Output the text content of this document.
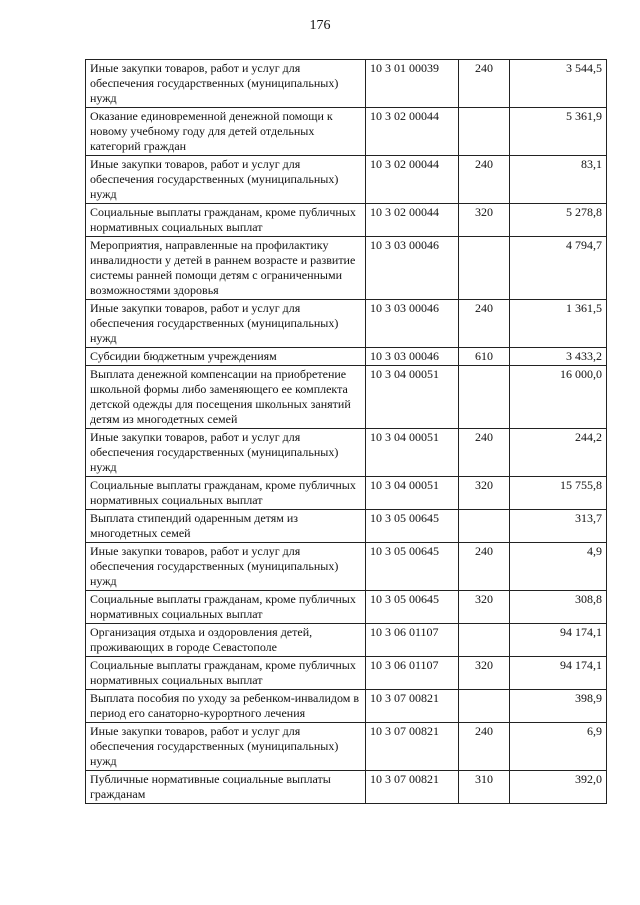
176
Иные закупки товаров, работ и услуг для обеспечения государственных (муниципальных) нужд	10 3 01 00039	240	3 544,5
Оказание единовременной денежной помощи к новому учебному году для детей отдельных категорий граждан	10 3 02 00044		5 361,9
Иные закупки товаров, работ и услуг для обеспечения государственных (муниципальных) нужд	10 3 02 00044	240	83,1
Социальные выплаты гражданам, кроме публичных нормативных социальных выплат	10 3 02 00044	320	5 278,8
Мероприятия, направленные на профилактику инвалидности у детей в раннем возрасте и развитие системы ранней помощи детям с ограниченными возможностями здоровья	10 3 03 00046		4 794,7
Иные закупки товаров, работ и услуг для обеспечения государственных (муниципальных) нужд	10 3 03 00046	240	1 361,5
Субсидии бюджетным учреждениям	10 3 03 00046	610	3 433,2
Выплата денежной компенсации на приобретение школьной формы либо заменяющего ее комплекта детской одежды для посещения школьных занятий детям из многодетных семей	10 3 04 00051		16 000,0
Иные закупки товаров, работ и услуг для обеспечения государственных (муниципальных) нужд	10 3 04 00051	240	244,2
Социальные выплаты гражданам, кроме публичных нормативных социальных выплат	10 3 04 00051	320	15 755,8
Выплата стипендий одаренным детям из многодетных семей	10 3 05 00645		313,7
Иные закупки товаров, работ и услуг для обеспечения государственных (муниципальных) нужд	10 3 05 00645	240	4,9
Социальные выплаты гражданам, кроме публичных нормативных социальных выплат	10 3 05 00645	320	308,8
Организация отдыха и оздоровления детей, проживающих в городе Севастополе	10 3 06 01107		94 174,1
Социальные выплаты гражданам, кроме публичных нормативных социальных выплат	10 3 06 01107	320	94 174,1
Выплата пособия по уходу за ребенком-инвалидом в период его санаторно-курортного лечения	10 3 07 00821		398,9
Иные закупки товаров, работ и услуг для обеспечения государственных (муниципальных) нужд	10 3 07 00821	240	6,9
Публичные нормативные социальные выплаты гражданам	10 3 07 00821	310	392,0
